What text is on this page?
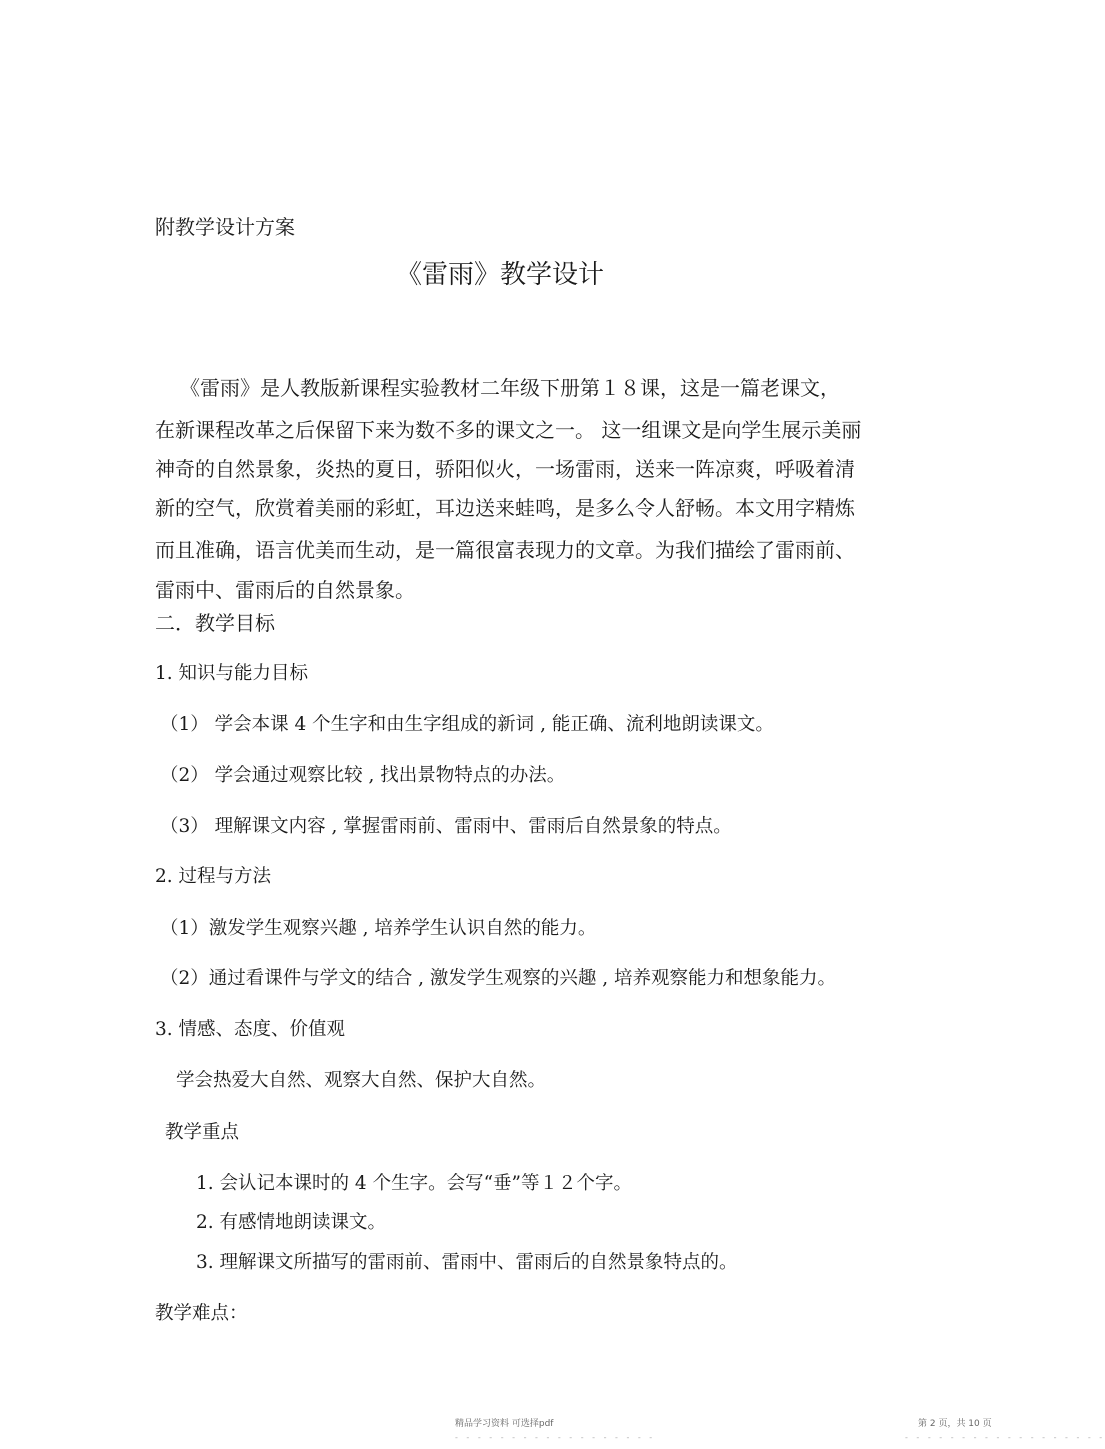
附教学设计方案
《雷雨》教学设计
《雷雨》是人教版新课程实验教材二年级下册第１８课，这是一篇老课文，
在新课程改革之后保留下来为数不多的课文之一。 这一组课文是向学生展示美丽
神奇的自然景象，炎热的夏日，骄阳似火，一场雷雨，送来一阵凉爽，呼吸着清
新的空气，欣赏着美丽的彩虹，耳边送来蛙鸣，是多么令人舒畅。本文用字精炼
而且准确，语言优美而生动，是一篇很富表现力的文章。为我们描绘了雷雨前、
雷雨中、雷雨后的自然景象。
二．教学目标
1. 知识与能力目标
（1） 学会本课 4 个生字和由生字组成的新词 , 能正确、流利地朗读课文。
（2） 学会通过观察比较 , 找出景物特点的办法。
（3） 理解课文内容 , 掌握雷雨前、雷雨中、雷雨后自然景象的特点。
2. 过程与方法
（1）激发学生观察兴趣 , 培养学生认识自然的能力。
（2）通过看课件与学文的结合 , 激发学生观察的兴趣 , 培养观察能力和想象能力。
3. 情感、态度、价值观
学会热爱大自然、观察大自然、保护大自然。
教学重点
1. 会认记本课时的 4 个生字。会写“垂”等１２个字。
2. 有感情地朗读课文。
3. 理解课文所描写的雷雨前、雷雨中、雷雨后的自然景象特点的。
教学难点：
精品学习资料 可选择pdf
- - - - - - - - - - - - - - - - - -
第 2 页，共 10 页
- - - - - - - - - - - - - - - - - -
